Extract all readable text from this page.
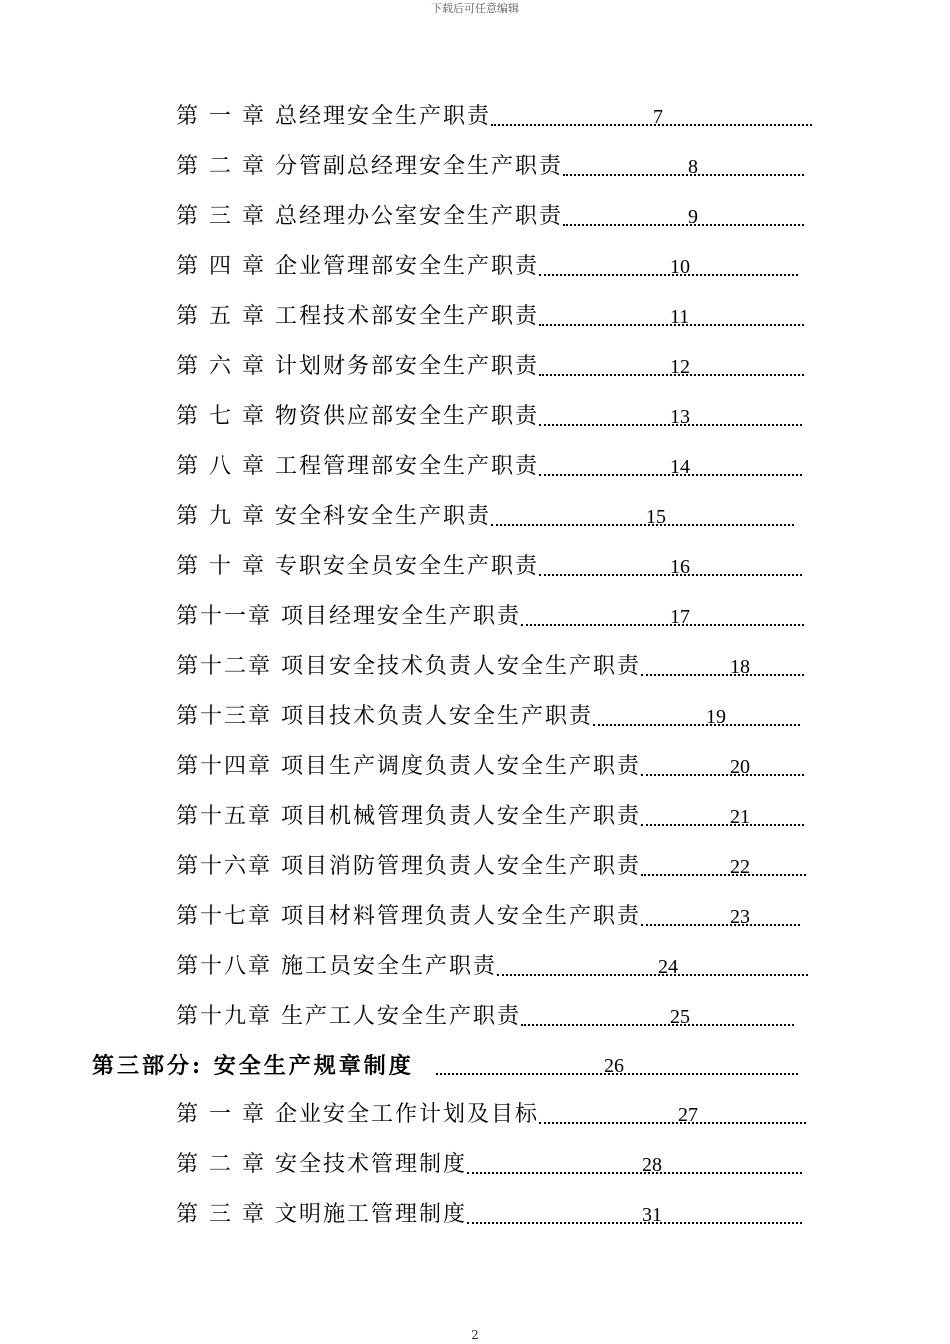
下载后可任意编辑
第 一 章 总经理安全生产职责	7
第 二 章 分管副总经理安全生产职责	8
第 三 章 总经理办公室安全生产职责	9
第 四 章 企业管理部安全生产职责	10
第 五 章 工程技术部安全生产职责	11
第 六 章 计划财务部安全生产职责	12
第 七 章 物资供应部安全生产职责	13
第 八 章 工程管理部安全生产职责	14
第 九 章 安全科安全生产职责	15
第 十 章 专职安全员安全生产职责	16
第十一章 项目经理安全生产职责	17
第十二章 项目安全技术负责人安全生产职责	18
第十三章 项目技术负责人安全生产职责	19
第十四章 项目生产调度负责人安全生产职责	20
第十五章 项目机械管理负责人安全生产职责	21
第十六章 项目消防管理负责人安全生产职责	22
第十七章 项目材料管理负责人安全生产职责	23
第十八章 施工员安全生产职责	24
第十九章 生产工人安全生产职责	25
第三部分: 安全生产规章制度	26
第 一 章 企业安全工作计划及目标	27
第 二 章 安全技术管理制度	28
第 三 章 文明施工管理制度	31
2
